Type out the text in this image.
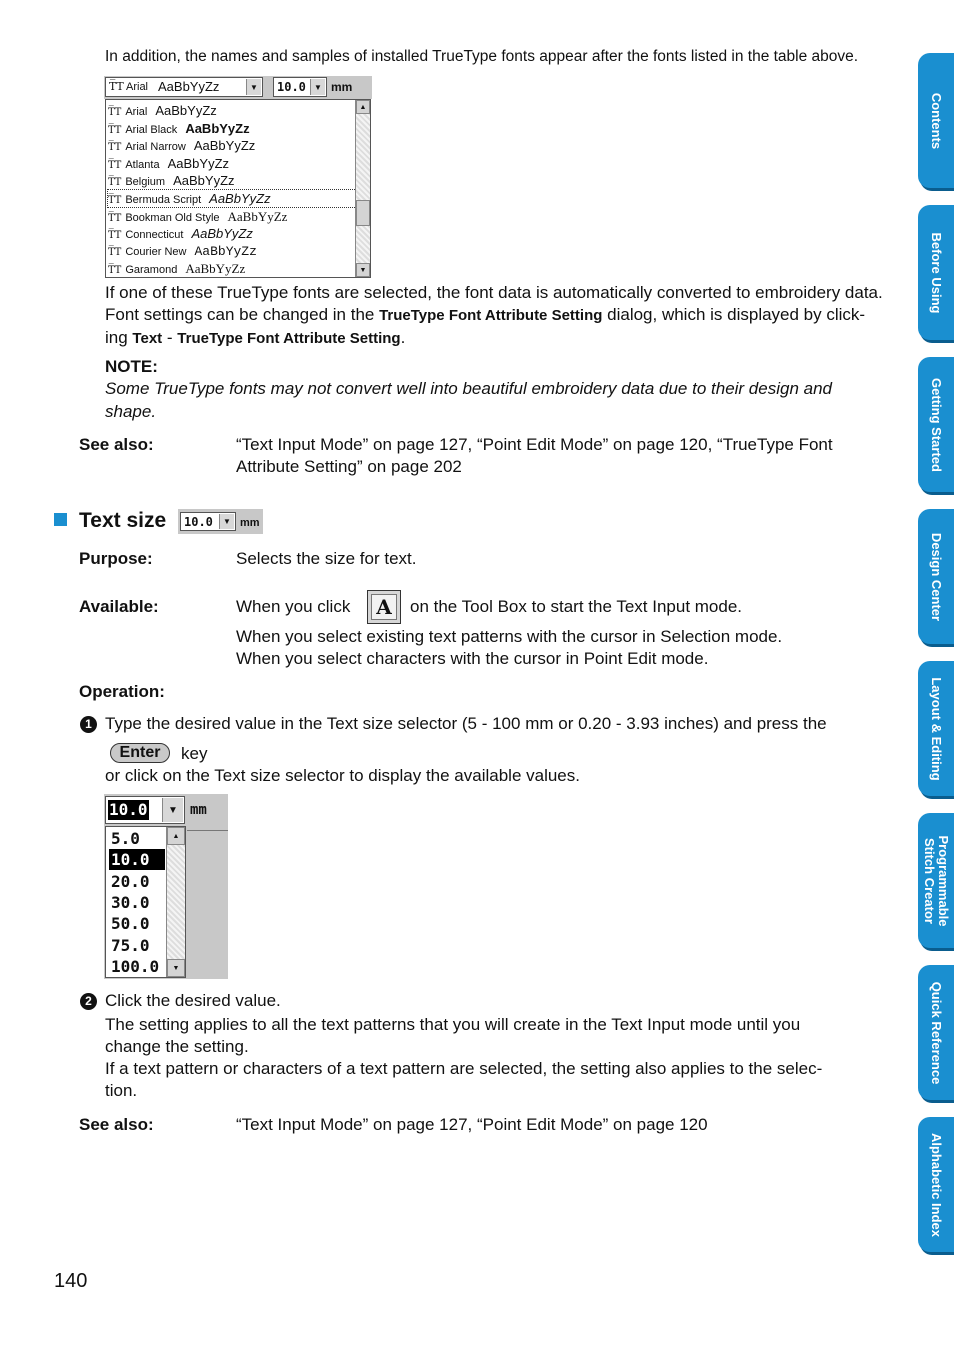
In addition, the names and samples of installed TrueType fonts appear after the fonts listed in the table above.
T̅T Arial AaBbYyZz	▼ 10.0	▼ mm
T̅T Arial AaBbYyZz
T̅T Arial Black AaBbYyZz
T̅T Arial Narrow AaBbYyZz
T̅T Atlanta AaBbYyZz
T̅T Belgium AaBbYyZz
T̅T Bermuda Script AaBbYyZz
T̅T Bookman Old Style AaBbYyZz
T̅T Connecticut AaBbYyZz
T̅T Courier New AaBbYyZz
T̅T Garamond AaBbYyZz
▲
▼
If one of these TrueType fonts are selected, the font data is automatically converted to embroidery data.
Font settings can be changed in the TrueType Font Attribute Setting dialog, which is displayed by click-
ing Text - TrueType Font Attribute Setting.
NOTE:
Some TrueType fonts may not convert well into beautiful embroidery data due to their design and
shape.
See also:	“Text Input Mode” on page 127, “Point Edit Mode” on page 120, “TrueType Font
Attribute Setting” on page 202
Text size 10.0	▼ mm
Purpose:	Selects the size for text.
Available:	When you click A	on the Tool Box to start the Text Input mode.
When you select existing text patterns with the cursor in Selection mode.
When you select characters with the cursor in Point Edit mode.
Operation:
1 Type the desired value in the Text size selector (5 - 100 mm or 0.20 - 3.93 inches) and press the
Enter	key
or click on the Text size selector to display the available values.
10.0	▼ mm
5.0
10.0
20.0
30.0
50.0
75.0
100.0
▲
▼
2 Click the desired value.
The setting applies to all the text patterns that you will create in the Text Input mode until you
change the setting.
If a text pattern or characters of a text pattern are selected, the setting also applies to the selec-
tion.
See also:	“Text Input Mode” on page 127, “Point Edit Mode” on page 120
140
Contents
Before Using
Getting Started
Design Center
Layout & Editing
Programmable Stitch Creator
Quick Reference
Alphabetic Index
